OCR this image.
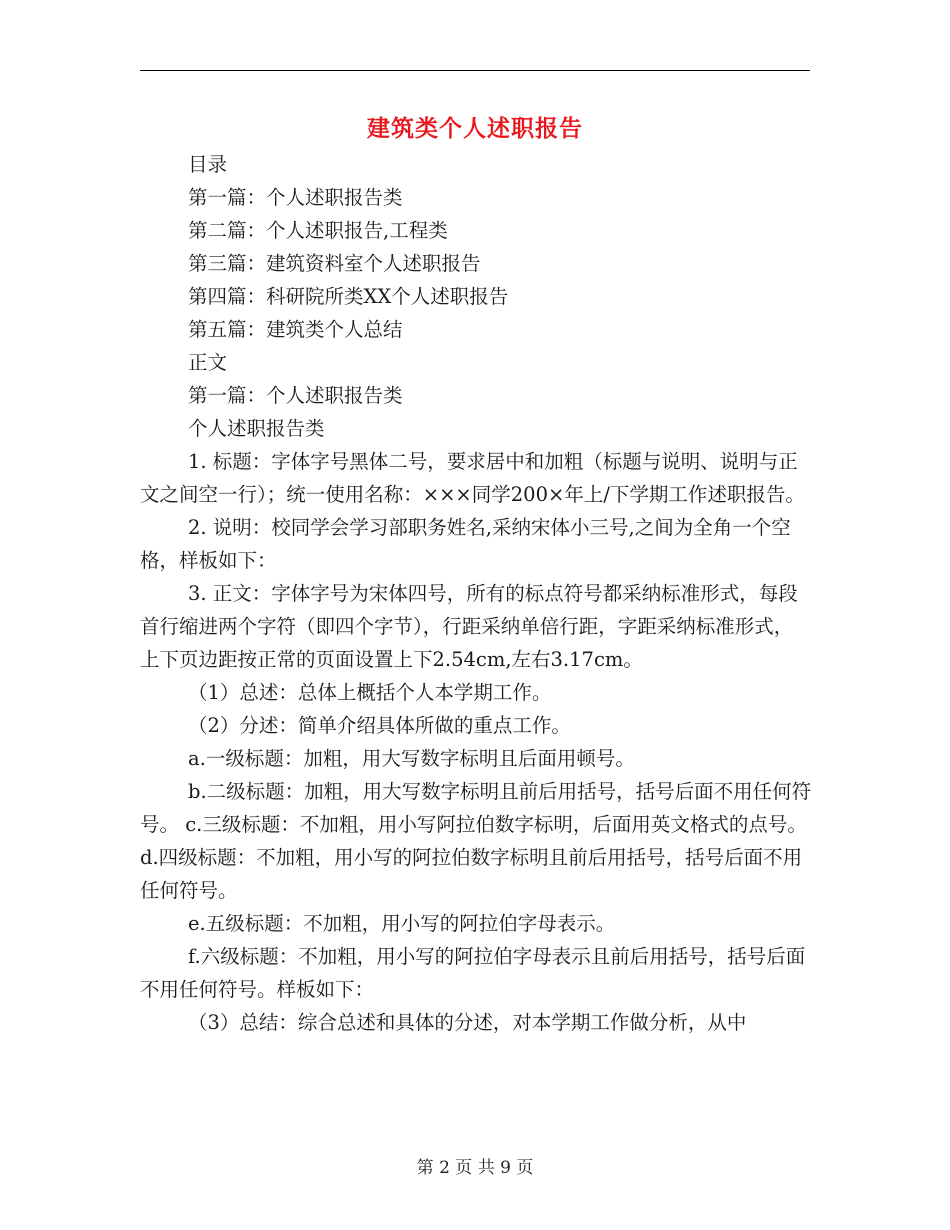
建筑类个人述职报告

目录

第一篇：个人述职报告类

第二篇：个人述职报告,工程类

第三篇：建筑资料室个人述职报告

第四篇：科研院所类XX个人述职报告

第五篇：建筑类个人总结

正文

第一篇：个人述职报告类

个人述职报告类

1. 标题：字体字号黑体二号，要求居中和加粗（标题与说明、说明与正文之间空一行）；统一使用名称：×××同学200×年上/下学期工作述职报告。

2. 说明：校同学会学习部职务姓名,采纳宋体小三号,之间为全角一个空格，样板如下：

3. 正文：字体字号为宋体四号，所有的标点符号都采纳标准形式，每段首行缩进两个字符（即四个字节），行距采纳单倍行距，字距采纳标准形式，上下页边距按正常的页面设置上下2.54cm,左右3.17cm。

（1）总述：总体上概括个人本学期工作。

（2）分述：简单介绍具体所做的重点工作。

a.一级标题：加粗，用大写数字标明且后面用顿号。

b.二级标题：加粗，用大写数字标明且前后用括号，括号后面不用任何符号。 c.三级标题：不加粗，用小写阿拉伯数字标明，后面用英文格式的点号。 d.四级标题：不加粗，用小写的阿拉伯数字标明且前后用括号，括号后面不用任何符号。

e.五级标题：不加粗，用小写的阿拉伯字母表示。

f.六级标题：不加粗，用小写的阿拉伯字母表示且前后用括号，括号后面不用任何符号。样板如下：

（3）总结：综合总述和具体的分述，对本学期工作做分析，从中

第 2 页 共 9 页
